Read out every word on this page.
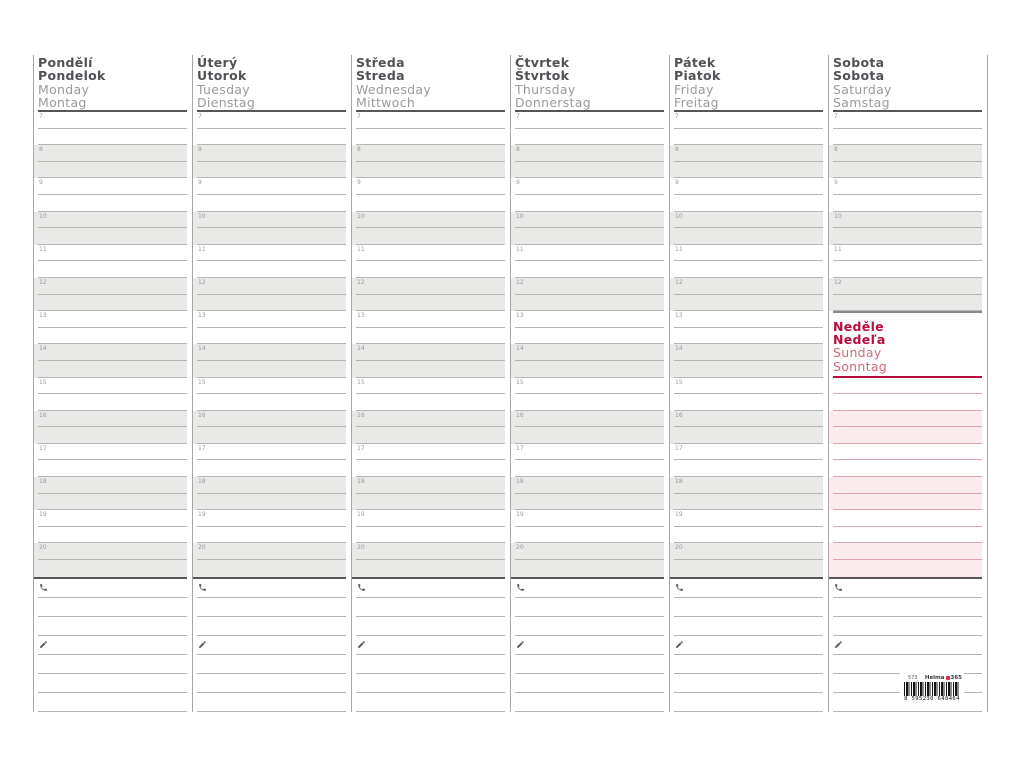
Pondělí
Pondelok
Monday
Montag
7
8
9
10
11
12
13
14
15
16
17
18
19
20
Úterý
Utorok
Tuesday
Dienstag
7
8
9
10
11
12
13
14
15
16
17
18
19
20
Středa
Streda
Wednesday
Mittwoch
7
8
9
10
11
12
13
14
15
16
17
18
19
20
Čtvrtek
Štvrtok
Thursday
Donnerstag
7
8
9
10
11
12
13
14
15
16
17
18
19
20
Pátek
Piatok
Friday
Freitag
7
8
9
10
11
12
13
14
15
16
17
18
19
20
Sobota
Sobota
Saturday
Samstag
7
8
9
10
11
12
Neděle
Nedeľa
Sunday
Sonntag
573 Helma 365
8 595230 648464
